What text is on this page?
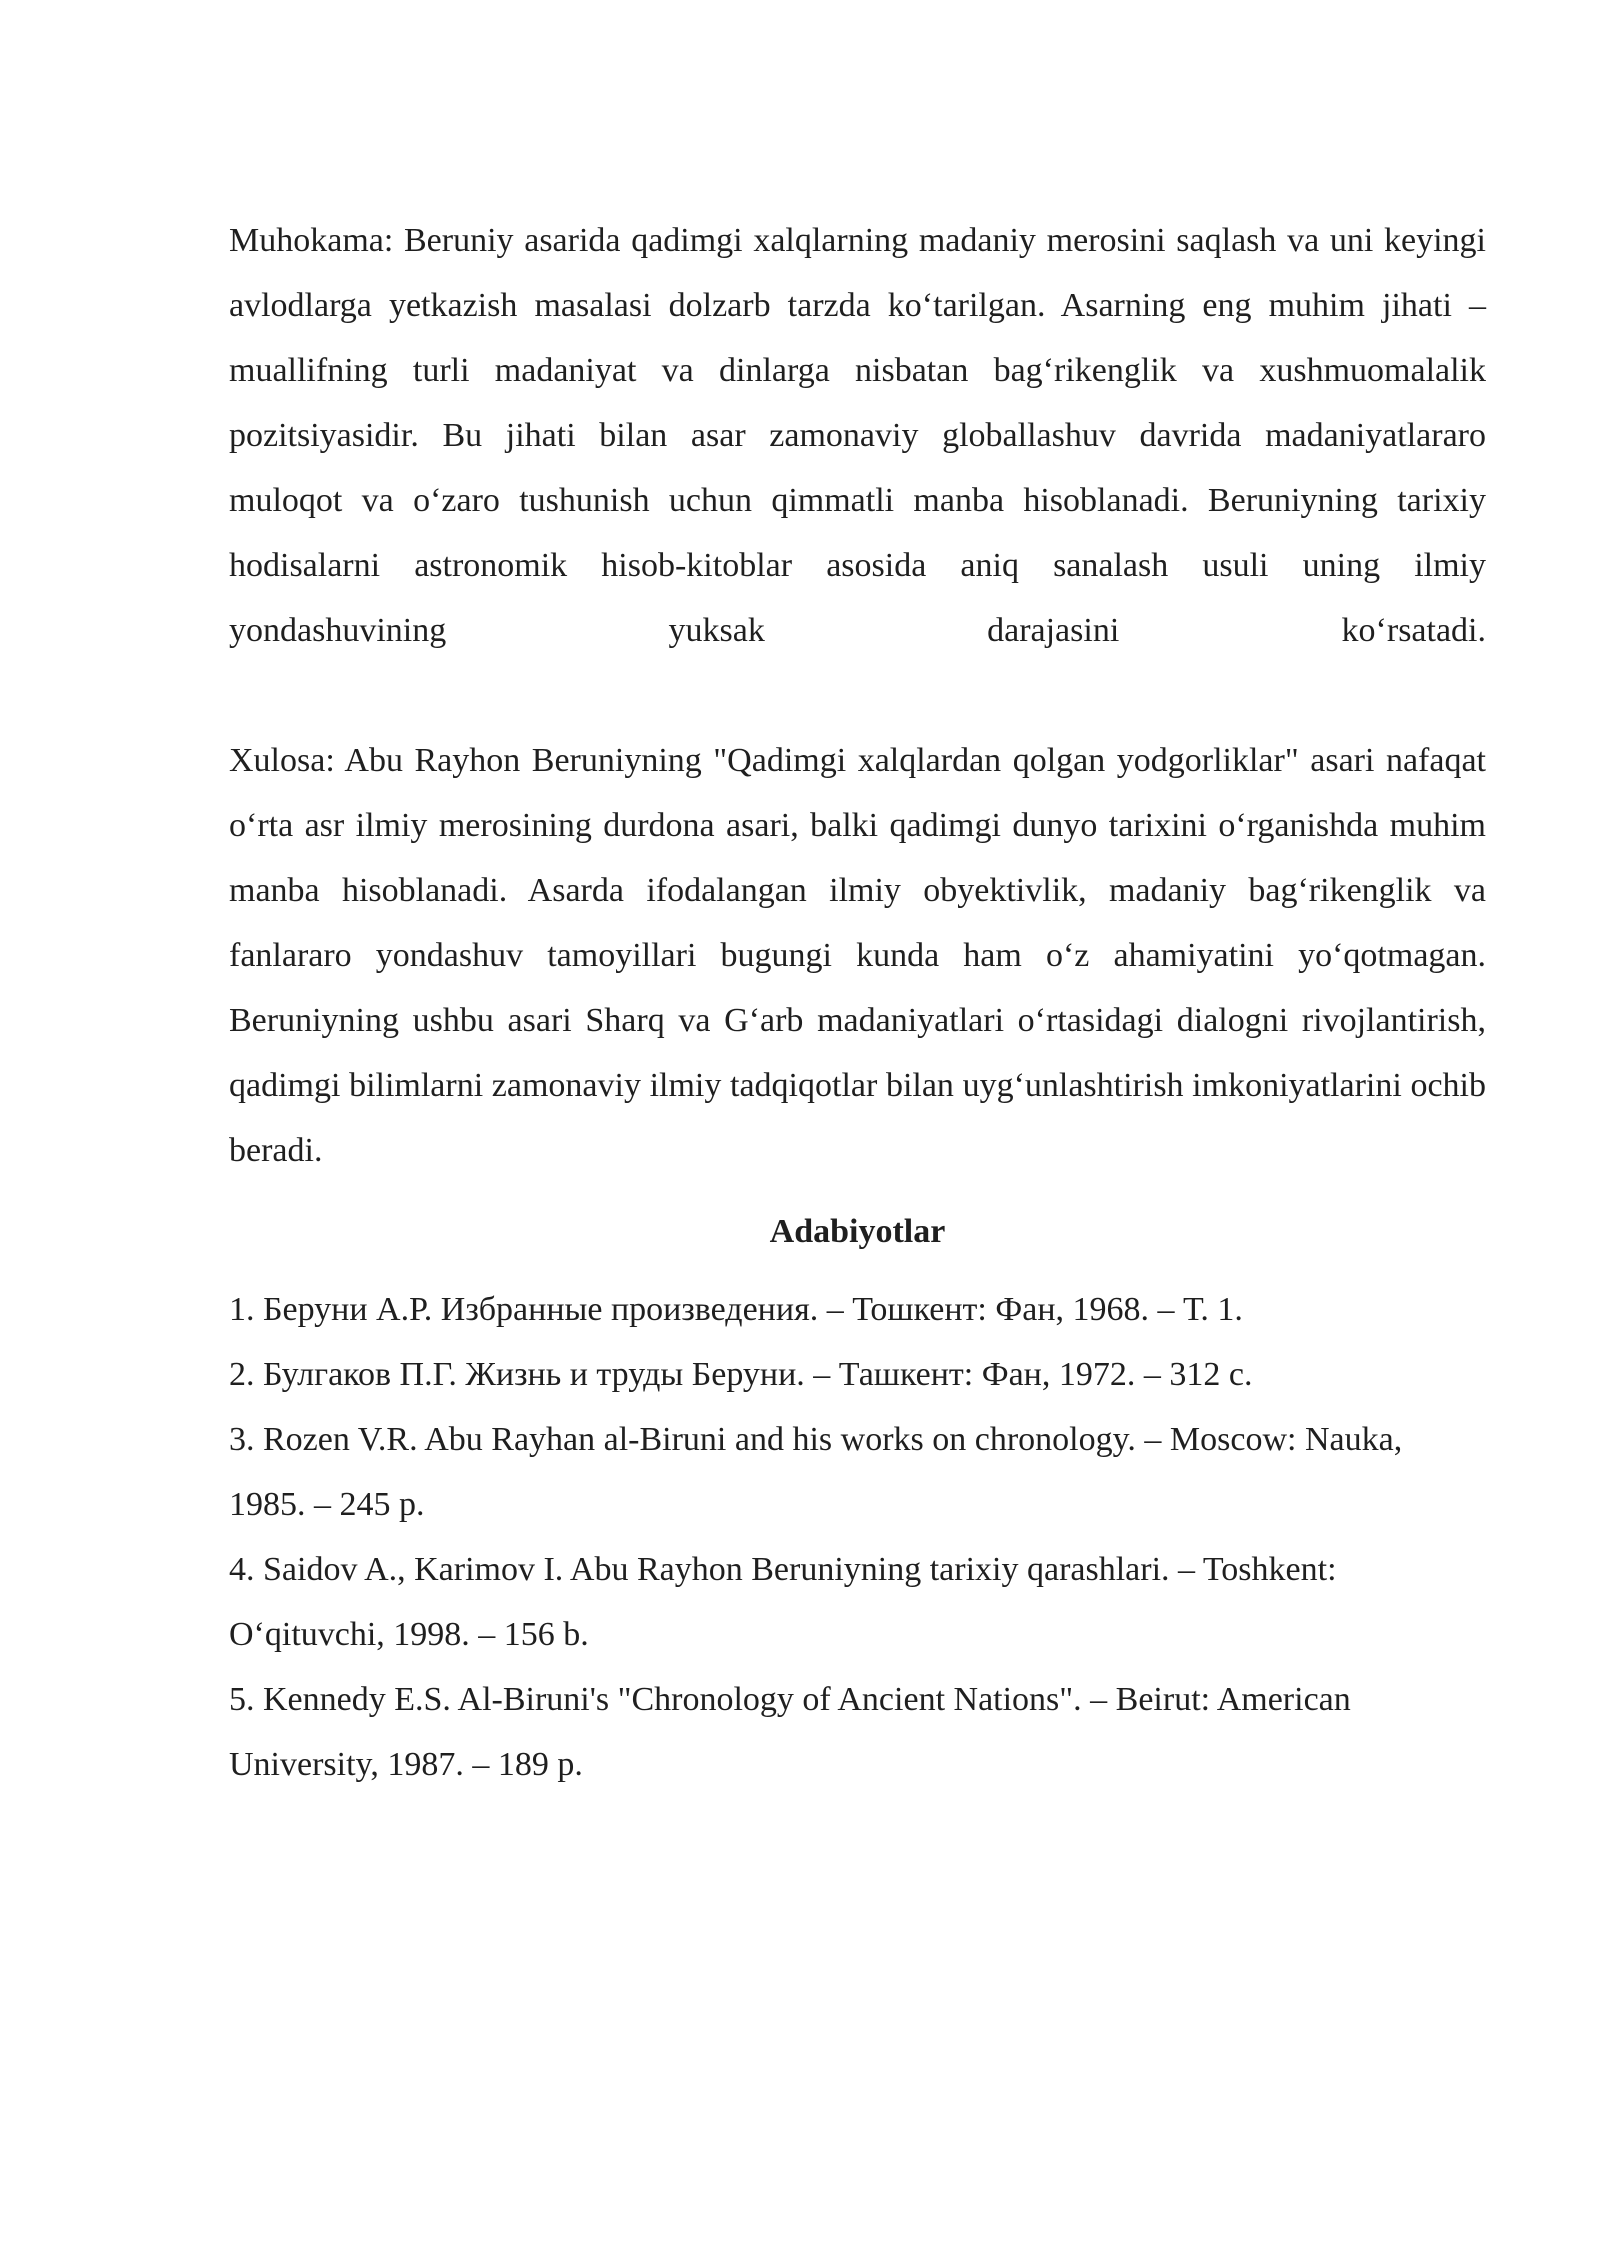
Muhokama: Beruniy asarida qadimgi xalqlarning madaniy merosini saqlash va uni keyingi avlodlarga yetkazish masalasi dolzarb tarzda ko‘tarilgan. Asarning eng muhim jihati – muallifning turli madaniyat va dinlarga nisbatan bag‘rikenglik va xushmuomalalik pozitsiyasidir. Bu jihati bilan asar zamonaviy globallashuv davrida madaniyatlararo muloqot va o‘zaro tushunish uchun qimmatli manba hisoblanadi. Beruniyning tarixiy hodisalarni astronomik hisob-kitoblar asosida aniq sanalash usuli uning ilmiy yondashuvining yuksak darajasini ko‘rsatadi.

Xulosa: Abu Rayhon Beruniyning "Qadimgi xalqlardan qolgan yodgorliklar" asari nafaqat o‘rta asr ilmiy merosining durdona asari, balki qadimgi dunyo tarixini o‘rganishda muhim manba hisoblanadi. Asarda ifodalangan ilmiy obyektivlik, madaniy bag‘rikenglik va fanlararo yondashuv tamoyillari bugungi kunda ham o‘z ahamiyatini yo‘qotmagan. Beruniyning ushbu asari Sharq va G‘arb madaniyatlari o‘rtasidagi dialogni rivojlantirish, qadimgi bilimlarni zamonaviy ilmiy tadqiqotlar bilan uyg‘unlashtirish imkoniyatlarini ochib beradi.

Adabiyotlar
1. Беруни А.Р. Избранные произведения. – Тошкент: Фан, 1968. – Т. 1.
2. Булгаков П.Г. Жизнь и труды Беруни. – Ташкент: Фан, 1972. – 312 с.
3. Rozen V.R. Abu Rayhan al-Biruni and his works on chronology. – Moscow: Nauka, 1985. – 245 p.
4. Saidov A., Karimov I. Abu Rayhon Beruniyning tarixiy qarashlari. – Toshkent: O‘qituvchi, 1998. – 156 b.
5. Kennedy E.S. Al-Biruni's "Chronology of Ancient Nations". – Beirut: American University, 1987. – 189 p.
